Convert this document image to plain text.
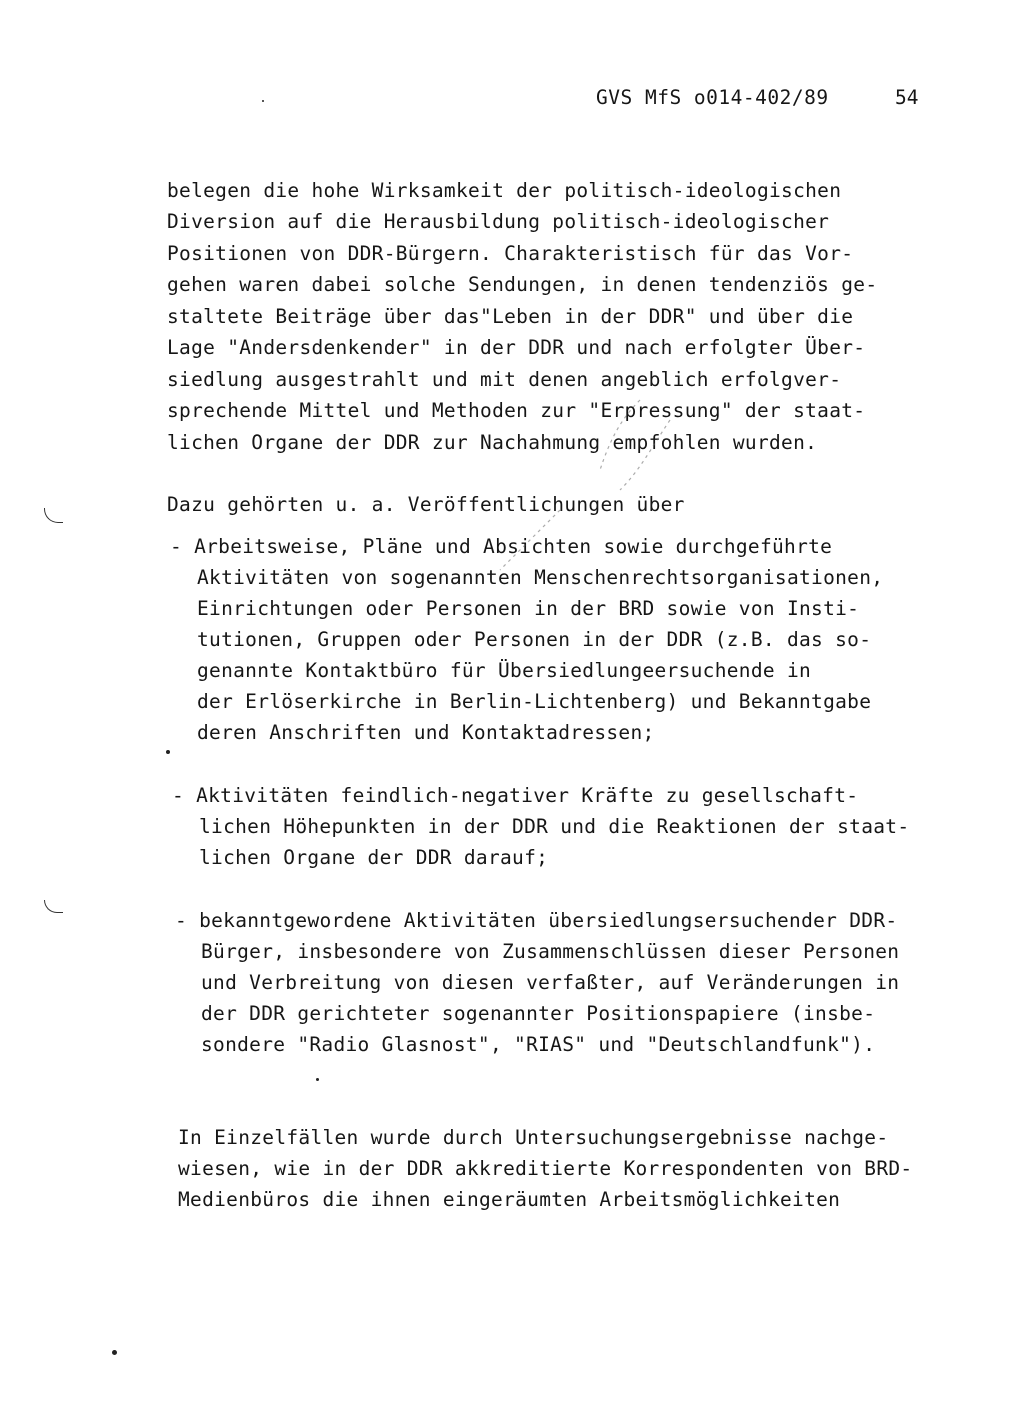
GVS MfS o014-402/89	54
belegen die hohe Wirksamkeit der politisch-ideologischen
Diversion auf die Herausbildung politisch-ideologischer
Positionen von DDR-Bürgern. Charakteristisch für das Vor-
gehen waren dabei solche Sendungen, in denen tendenziös ge-
staltete Beiträge über das"Leben in der DDR" und über die
Lage "Andersdenkender" in der DDR und nach erfolgter Über-
siedlung ausgestrahlt und mit denen angeblich erfolgver-
sprechende Mittel und Methoden zur "Erpressung" der staat-
lichen Organe der DDR zur Nachahmung empfohlen wurden.
Dazu gehörten u. a. Veröffentlichungen über
- Arbeitsweise, Pläne und Absichten sowie durchgeführte
Aktivitäten von sogenannten Menschenrechtsorganisationen,
Einrichtungen oder Personen in der BRD sowie von Insti-
tutionen, Gruppen oder Personen in der DDR (z.B. das so-
genannte Kontaktbüro für Übersiedlungeersuchende in
der Erlöserkirche in Berlin-Lichtenberg) und Bekanntgabe
deren Anschriften und Kontaktadressen;
- Aktivitäten feindlich-negativer Kräfte zu gesellschaft-
lichen Höhepunkten in der DDR und die Reaktionen der staat-
lichen Organe der DDR darauf;
- bekanntgewordene Aktivitäten übersiedlungsersuchender DDR-
Bürger, insbesondere von Zusammenschlüssen dieser Personen
und Verbreitung von diesen verfaßter, auf Veränderungen in
der DDR gerichteter sogenannter Positionspapiere (insbe-
sondere "Radio Glasnost", "RIAS" und "Deutschlandfunk").
In Einzelfällen wurde durch Untersuchungsergebnisse nachge-
wiesen, wie in der DDR akkreditierte Korrespondenten von BRD-
Medienbüros die ihnen eingeräumten Arbeitsmöglichkeiten
